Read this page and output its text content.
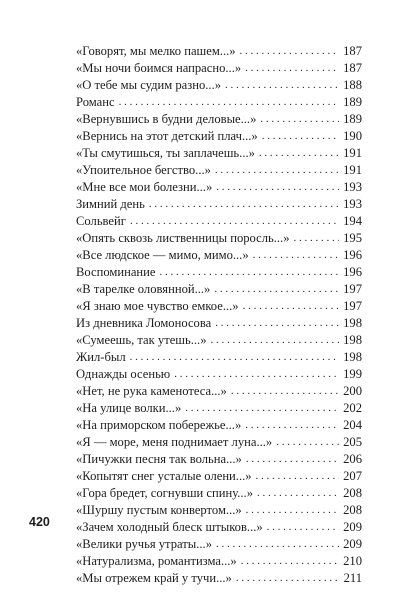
«Говорят, мы мелко пашем...» . . .	187
«Мы ночи боимся напрасно...» . . .	187
«О тебе мы судим разно...» . . .	188
Романс . . .	189
«Вернувшись в будни деловые...» . . .	189
«Вернись на этот детский плач...» . . .	190
«Ты смутишься, ты заплачешь...» . . .	191
«Упоительное бегство...» . . .	191
«Мне все мои болезни...» . . .	193
Зимний день . . .	193
Сольвейг . . .	194
«Опять сквозь лиственницы поросль...» . . .	195
«Все людское — мимо, мимо...» . . .	196
Воспоминание . . .	196
«В тарелке оловянной...» . . .	197
«Я знаю мое чувство емкое...» . . .	197
Из дневника Ломоносова . . .	198
«Сумеешь, так утешь...» . . .	198
Жил-был . . .	198
Однажды осенью . . .	199
«Нет, не рука каменотеса...» . . .	200
«На улице волки...» . . .	202
«На приморском побережье...» . . .	204
«Я — море, меня поднимает луна...» . . .	205
«Пичужки песня так вольна...» . . .	206
«Копытят снег усталые олени...» . . .	207
«Гора бредет, согнувши спину...» . . .	208
«Шуршу пустым конвертом...» . . .	208
«Зачем холодный блеск штыков...» . . .	209
«Велики ручья утраты...» . . .	209
«Натурализма, романтизма...» . . .	210
«Мы отрежем край у тучи...» . . .	211
420
